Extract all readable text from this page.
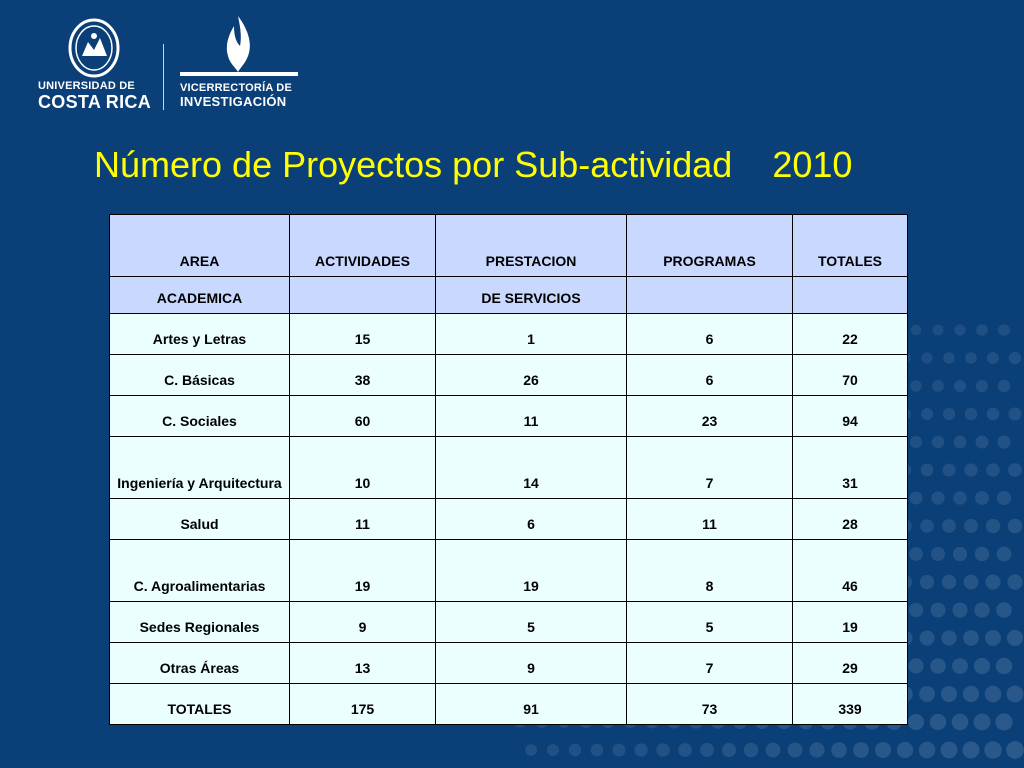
UNIVERSIDAD DE
COSTA RICA
VICERRECTORÍA DE
INVESTIGACIÓN
Número de Proyectos por Sub-actividad    2010
AREA	ACTIVIDADES	PRESTACION	PROGRAMAS	TOTALES
ACADEMICA		DE SERVICIOS		
Artes y Letras	15	1	6	22
C. Básicas	38	26	6	70
C. Sociales	60	11	23	94
Ingeniería y Arquitectura	10	14	7	31
Salud	11	6	11	28
C. Agroalimentarias	19	19	8	46
Sedes Regionales	9	5	5	19
Otras Áreas	13	9	7	29
TOTALES	175	91	73	339
